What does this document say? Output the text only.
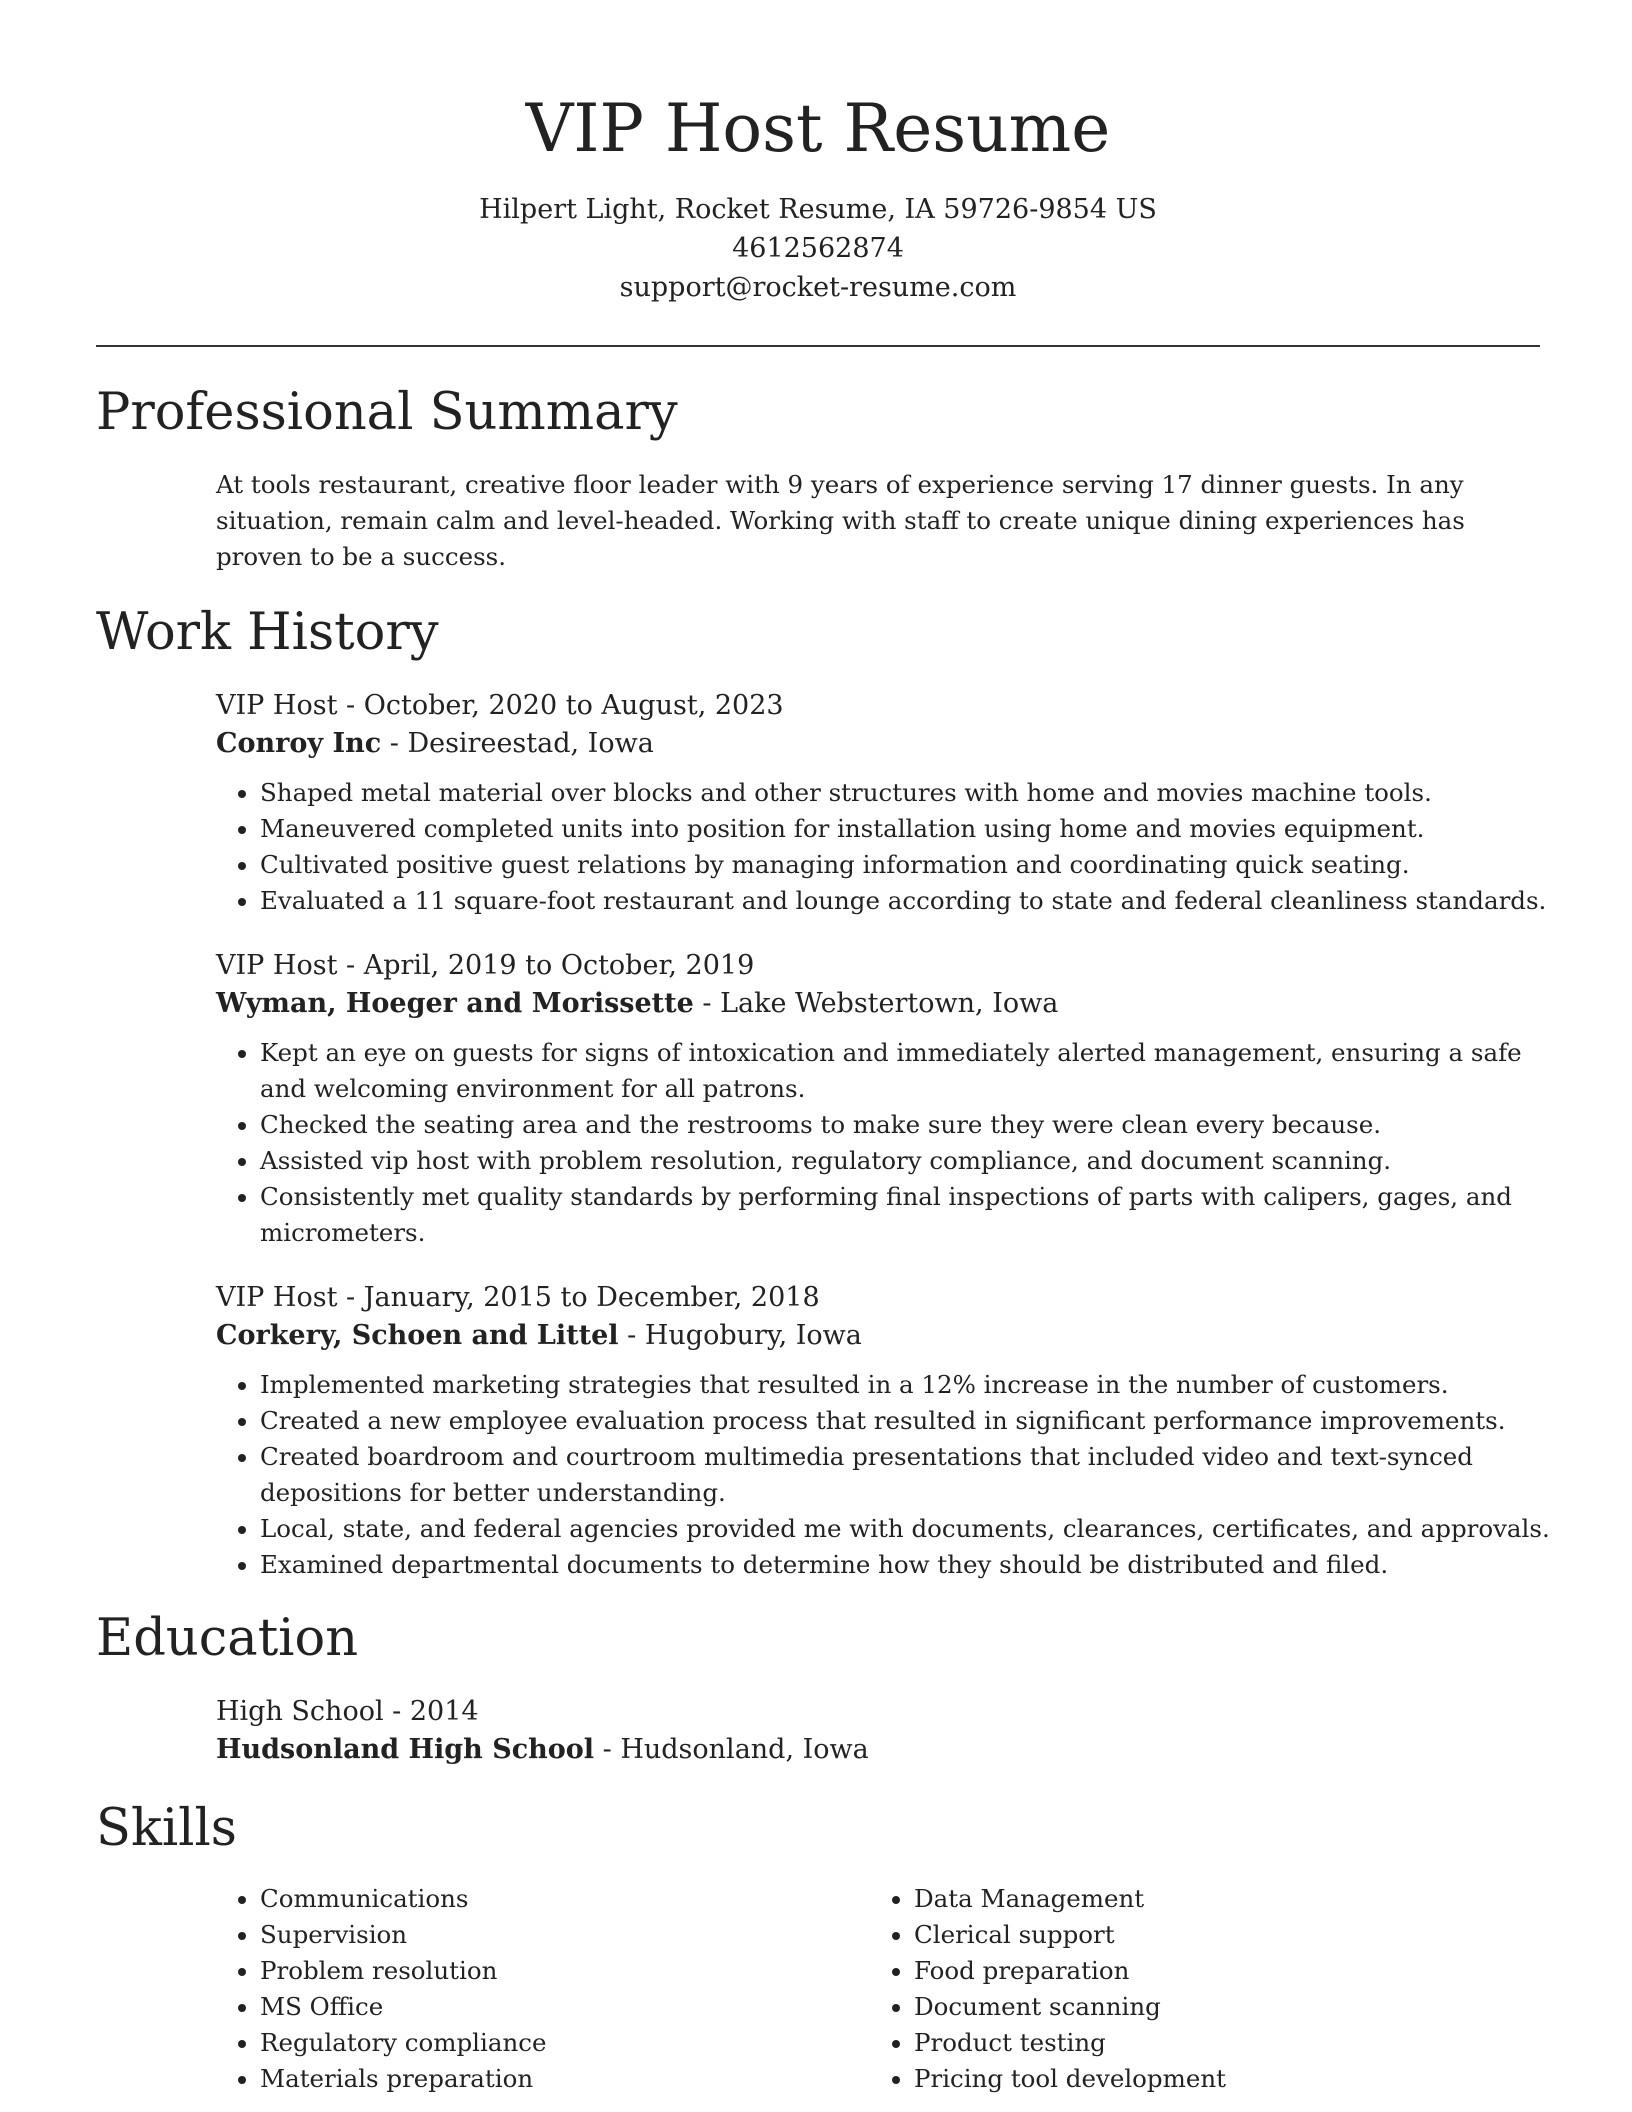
VIP Host Resume
Hilpert Light, Rocket Resume, IA 59726-9854 US
4612562874
support@rocket-resume.com
Professional Summary

At tools restaurant, creative floor leader with 9 years of experience serving 17 dinner guests. In any situation, remain calm and level-headed. Working with staff to create unique dining experiences has proven to be a success.

Work History
VIP Host - October, 2020 to August, 2023
Conroy Inc - Desireestad, Iowa
• Shaped metal material over blocks and other structures with home and movies machine tools.
• Maneuvered completed units into position for installation using home and movies equipment.
• Cultivated positive guest relations by managing information and coordinating quick seating.
• Evaluated a 11 square-foot restaurant and lounge according to state and federal cleanliness standards.
VIP Host - April, 2019 to October, 2019
Wyman, Hoeger and Morissette - Lake Webstertown, Iowa
• Kept an eye on guests for signs of intoxication and immediately alerted management, ensuring a safe and welcoming environment for all patrons.
• Checked the seating area and the restrooms to make sure they were clean every because.
• Assisted vip host with problem resolution, regulatory compliance, and document scanning.
• Consistently met quality standards by performing final inspections of parts with calipers, gages, and micrometers.
VIP Host - January, 2015 to December, 2018
Corkery, Schoen and Littel - Hugobury, Iowa
• Implemented marketing strategies that resulted in a 12% increase in the number of customers.
• Created a new employee evaluation process that resulted in significant performance improvements.
• Created boardroom and courtroom multimedia presentations that included video and text-synced depositions for better understanding.
• Local, state, and federal agencies provided me with documents, clearances, certificates, and approvals.
• Examined departmental documents to determine how they should be distributed and filed.
Education
High School - 2014
Hudsonland High School - Hudsonland, Iowa
Skills
• Communications
• Supervision
• Problem resolution
• MS Office
• Regulatory compliance
• Materials preparation
• Data Management
• Clerical support
• Food preparation
• Document scanning
• Product testing
• Pricing tool development
